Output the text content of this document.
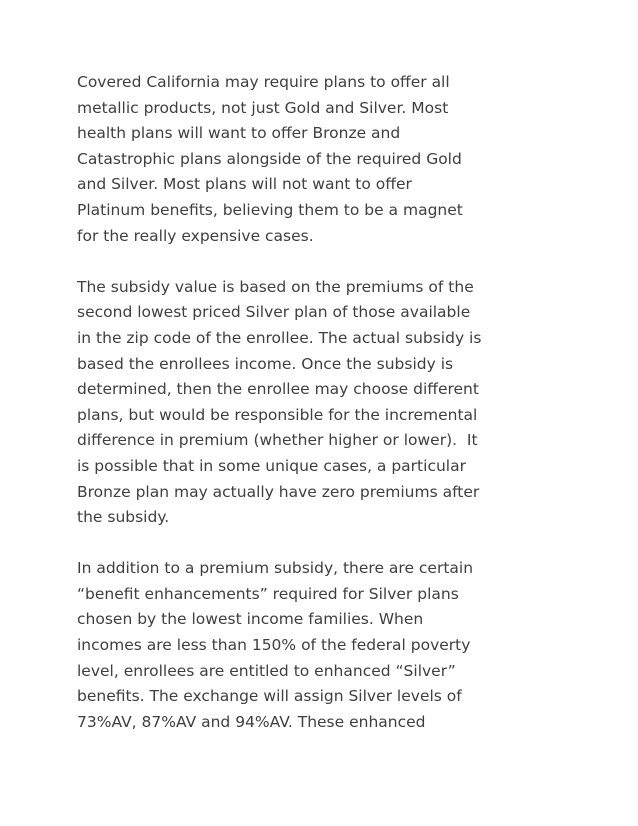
Covered California may require plans to offer all
metallic products, not just Gold and Silver. Most
health plans will want to offer Bronze and
Catastrophic plans alongside of the required Gold
and Silver. Most plans will not want to offer
Platinum benefits, believing them to be a magnet
for the really expensive cases.
The subsidy value is based on the premiums of the
second lowest priced Silver plan of those available
in the zip code of the enrollee. The actual subsidy is
based the enrollees income. Once the subsidy is
determined, then the enrollee may choose different
plans, but would be responsible for the incremental
difference in premium (whether higher or lower).  It
is possible that in some unique cases, a particular
Bronze plan may actually have zero premiums after
the subsidy.
In addition to a premium subsidy, there are certain
“benefit enhancements” required for Silver plans
chosen by the lowest income families. When
incomes are less than 150% of the federal poverty
level, enrollees are entitled to enhanced “Silver”
benefits. The exchange will assign Silver levels of
73%AV, 87%AV and 94%AV. These enhanced
